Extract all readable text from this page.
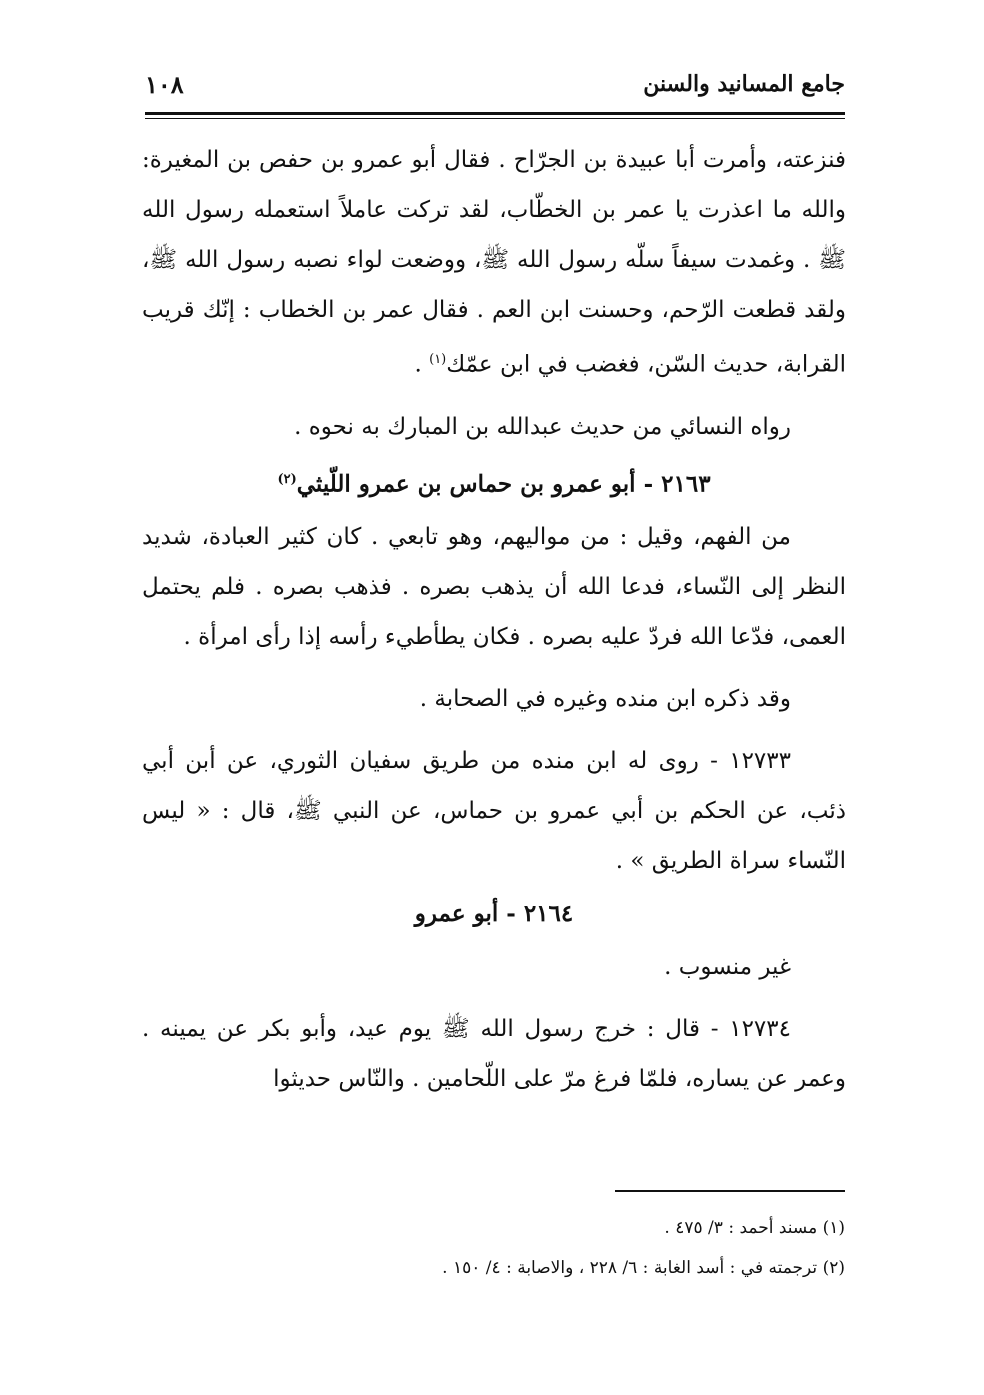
جامع المسانيد والسنن
١٠٨

فنزعته، وأمرت أبا عبيدة بن الجرّاح . فقال أبو عمرو بن حفص بن المغيرة: والله ما اعذرت يا عمر بن الخطّاب، لقد تركت عاملاً استعمله رسول الله ﷺ . وغمدت سيفاً سلّه رسول الله ﷺ، ووضعت لواء نصبه رسول الله ﷺ، ولقد قطعت الرّحم، وحسنت ابن العم . فقال عمر بن الخطاب : إنّك قريب القرابة، حديث السّن، فغضب في ابن عمّك$^{(١)}$ .

رواه النسائي من حديث عبدالله بن المبارك به نحوه .

٢١٦٣ - أبو عمرو بن حماس بن عمرو اللّيثي$^{(٢)}$

من الفهم، وقيل : من مواليهم، وهو تابعي . كان كثير العبادة، شديد النظر إلى النّساء، فدعا الله أن يذهب بصره . فذهب بصره . فلم يحتمل العمى، فدّعا الله فردّ عليه بصره . فكان يطأطيء رأسه إذا رأى امرأة .

وقد ذكره ابن منده وغيره في الصحابة .

١٢٧٣٣ - روى له ابن منده من طريق سفيان الثوري، عن أبن أبي ذئب، عن الحكم بن أبي عمرو بن حماس، عن النبي ﷺ، قال : « ليس النّساء سراة الطريق » .

٢١٦٤ - أبو عمرو

غير منسوب .

١٢٧٣٤ - قال : خرج رسول الله ﷺ يوم عيد، وأبو بكر عن يمينه . وعمر عن يساره، فلمّا فرغ مرّ على اللّحامين . والنّاس حديثوا

(١) مسند أحمد : ٣/ ٤٧٥ .

(٢) ترجمته في : أسد الغابة : ٦/ ٢٢٨ ، والاصابة : ٤/ ١٥٠ .
